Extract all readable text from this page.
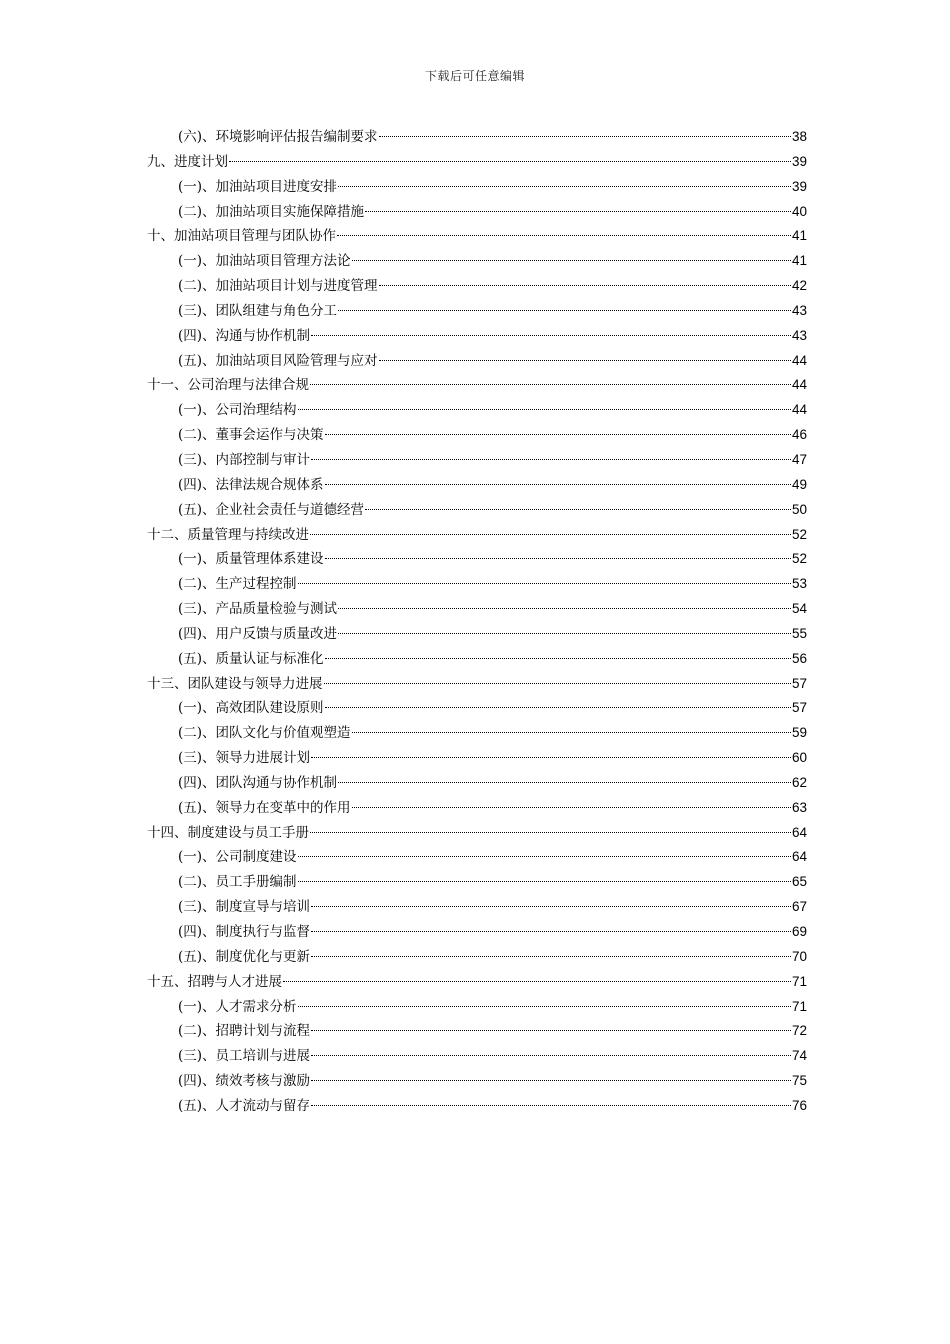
下载后可任意编辑
(六)、环境影响评估报告编制要求	38
九、进度计划	39
(一)、加油站项目进度安排	39
(二)、加油站项目实施保障措施	40
十、加油站项目管理与团队协作	41
(一)、加油站项目管理方法论	41
(二)、加油站项目计划与进度管理	42
(三)、团队组建与角色分工	43
(四)、沟通与协作机制	43
(五)、加油站项目风险管理与应对	44
十一、公司治理与法律合规	44
(一)、公司治理结构	44
(二)、董事会运作与决策	46
(三)、内部控制与审计	47
(四)、法律法规合规体系	49
(五)、企业社会责任与道德经营	50
十二、质量管理与持续改进	52
(一)、质量管理体系建设	52
(二)、生产过程控制	53
(三)、产品质量检验与测试	54
(四)、用户反馈与质量改进	55
(五)、质量认证与标准化	56
十三、团队建设与领导力进展	57
(一)、高效团队建设原则	57
(二)、团队文化与价值观塑造	59
(三)、领导力进展计划	60
(四)、团队沟通与协作机制	62
(五)、领导力在变革中的作用	63
十四、制度建设与员工手册	64
(一)、公司制度建设	64
(二)、员工手册编制	65
(三)、制度宣导与培训	67
(四)、制度执行与监督	69
(五)、制度优化与更新	70
十五、招聘与人才进展	71
(一)、人才需求分析	71
(二)、招聘计划与流程	72
(三)、员工培训与进展	74
(四)、绩效考核与激励	75
(五)、人才流动与留存	76
